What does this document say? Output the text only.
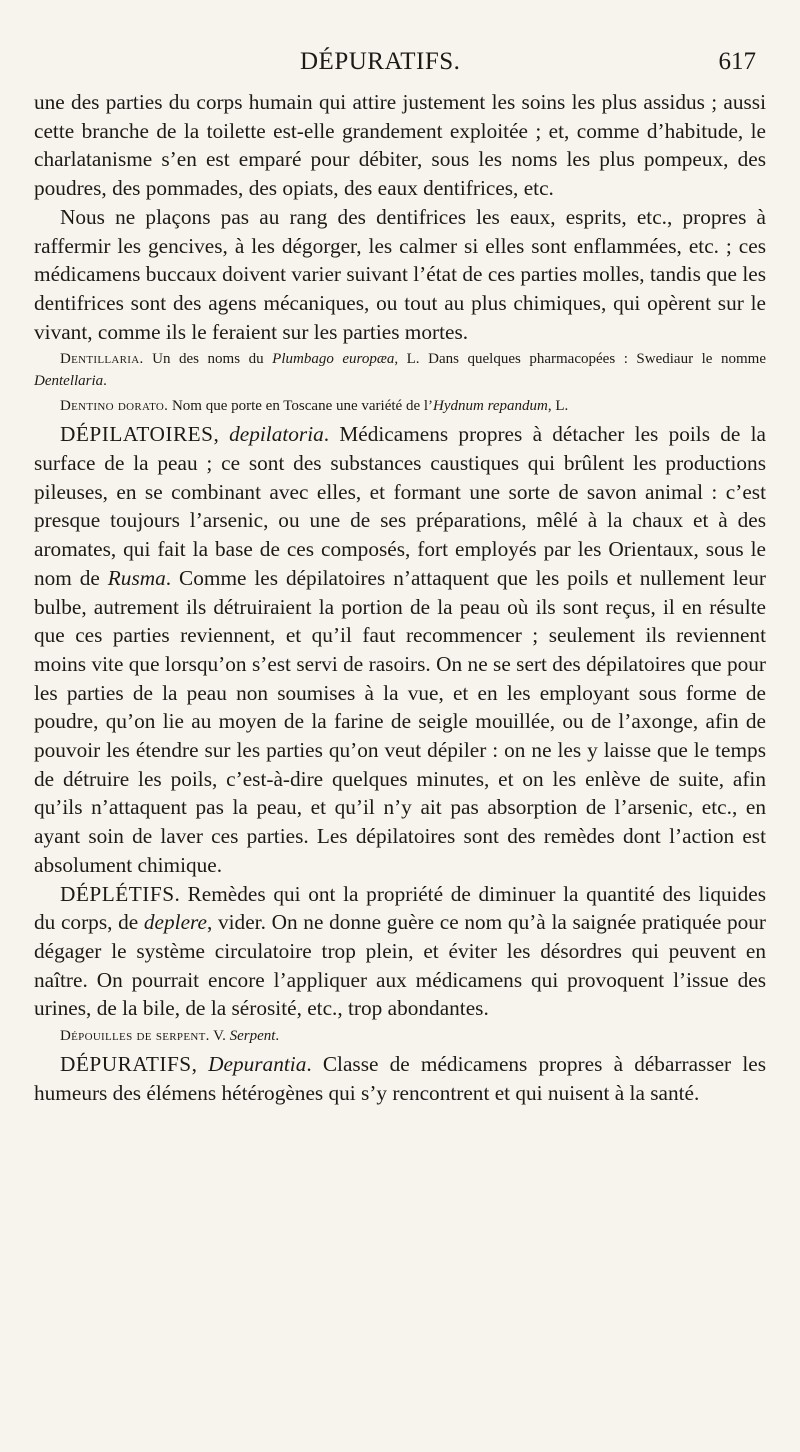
DÉPURATIFS.	617

une des parties du corps humain qui attire justement les soins les plus assidus ; aussi cette branche de la toilette est-elle grandement exploitée ; et, comme d’habitude, le charlatanisme s’en est emparé pour débiter, sous les noms les plus pompeux, des poudres, des pommades, des opiats, des eaux dentifrices, etc.

Nous ne plaçons pas au rang des dentifrices les eaux, esprits, etc., propres à raffermir les gencives, à les dégorger, les calmer si elles sont enflammées, etc. ; ces médicamens buccaux doivent varier suivant l’état de ces parties molles, tandis que les dentifrices sont des agens mécaniques, ou tout au plus chimiques, qui opèrent sur le vivant, comme ils le feraient sur les parties mortes.

Dentillaria. Un des noms du Plumbago europæa, L. Dans quelques pharmacopées : Swediaur le nomme Dentellaria.

Dentino dorato. Nom que porte en Toscane une variété de l’Hydnum repandum, L.

DÉPILATOIRES, depilatoria. Médicamens propres à détacher les poils de la surface de la peau ; ce sont des substances caustiques qui brûlent les productions pileuses, en se combinant avec elles, et formant une sorte de savon animal : c’est presque toujours l’arsenic, ou une de ses préparations, mêlé à la chaux et à des aromates, qui fait la base de ces composés, fort employés par les Orientaux, sous le nom de Rusma. Comme les dépilatoires n’attaquent que les poils et nullement leur bulbe, autrement ils détruiraient la portion de la peau où ils sont reçus, il en résulte que ces parties reviennent, et qu’il faut recommencer ; seulement ils reviennent moins vite que lorsqu’on s’est servi de rasoirs. On ne se sert des dépilatoires que pour les parties de la peau non soumises à la vue, et en les employant sous forme de poudre, qu’on lie au moyen de la farine de seigle mouillée, ou de l’axonge, afin de pouvoir les étendre sur les parties qu’on veut dépiler : on ne les y laisse que le temps de détruire les poils, c’est-à-dire quelques minutes, et on les enlève de suite, afin qu’ils n’attaquent pas la peau, et qu’il n’y ait pas absorption de l’arsenic, etc., en ayant soin de laver ces parties. Les dépilatoires sont des remèdes dont l’action est absolument chimique.

DÉPLÉTIFS. Remèdes qui ont la propriété de diminuer la quantité des liquides du corps, de deplere, vider. On ne donne guère ce nom qu’à la saignée pratiquée pour dégager le système circulatoire trop plein, et éviter les désordres qui peuvent en naître. On pourrait encore l’appliquer aux médicamens qui provoquent l’issue des urines, de la bile, de la sérosité, etc., trop abondantes.

Dépouilles de serpent. V. Serpent.

DÉPURATIFS, Depurantia. Classe de médicamens propres à débarrasser les humeurs des élémens hétérogènes qui s’y rencontrent et qui nuisent à la santé.
